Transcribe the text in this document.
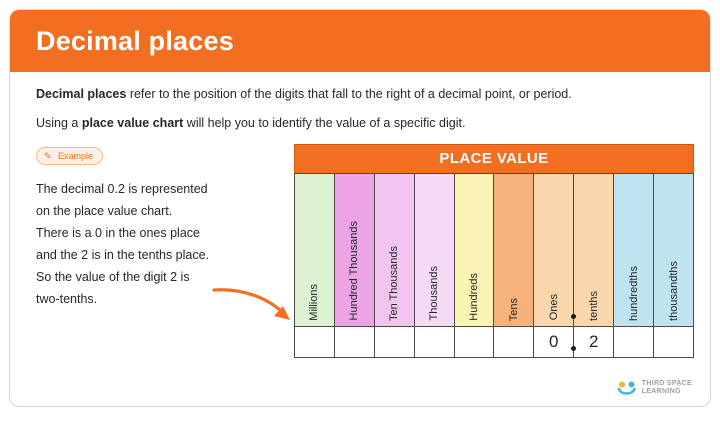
Decimal places

Decimal places refer to the position of the digits that fall to the right of a decimal point, or period.

Using a place value chart will help you to identify the value of a specific digit.

✎ Example
The decimal 0.2 is represented
on the place value chart.
There is a 0 in the ones place
and the 2 is in the tenths place.
So the value of the digit 2 is
two-tenths.
PLACE VALUE
Millions	Hundred Thousands	Ten Thousands	Thousands	Hundreds	Tens	Ones	tenths	hundredths	thousandths
						0	2		
THIRD SPACE
LEARNING
